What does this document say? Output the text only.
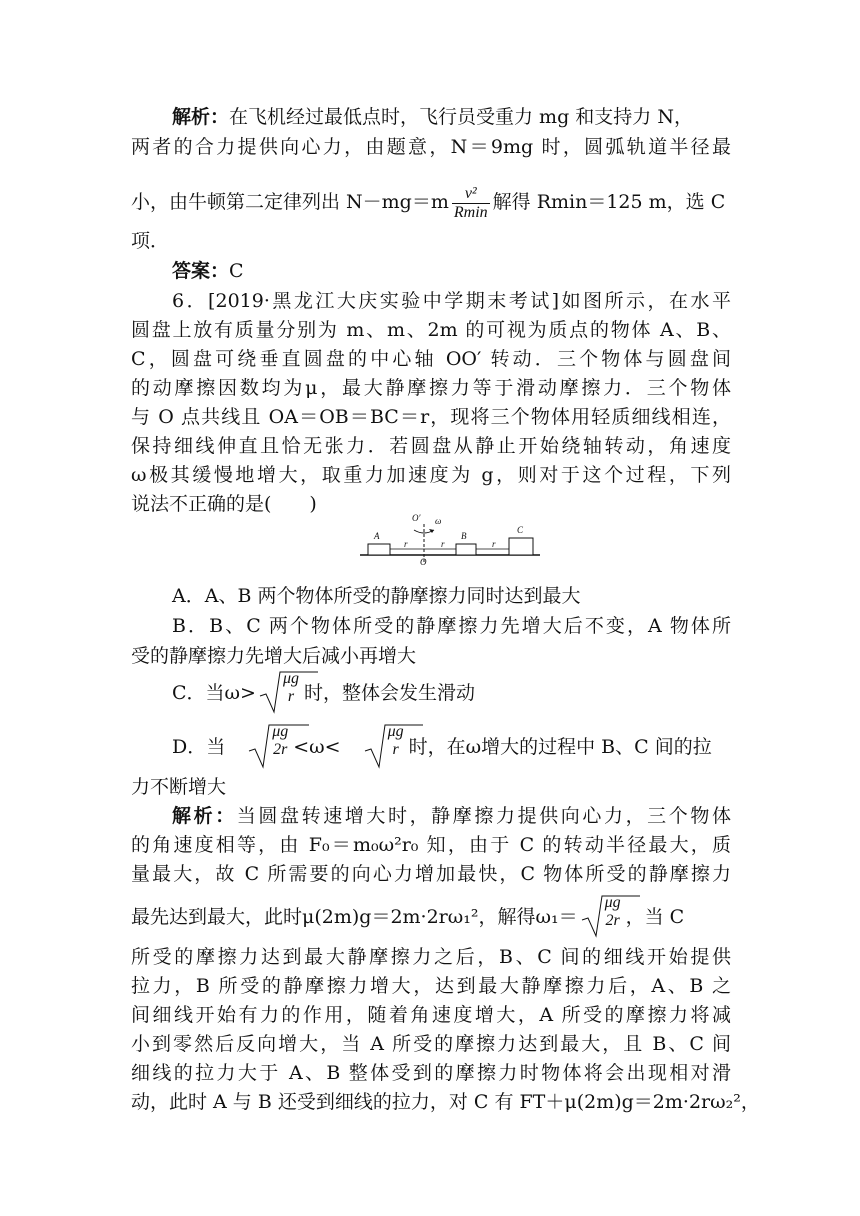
解析：在飞机经过最低点时，飞行员受重力 mg 和支持力 N，
两者的合力提供向心力，由题意，N＝9mg 时，圆弧轨道半径最
小，由牛顿第二定律列出 $N-mg=m \frac{\text{v²}}{Rmin}$ 解得 Rmin＝125 m，选 C
项．
答案：C
6．[2019·黑龙江大庆实验中学期末考试]如图所示，在水平
圆盘上放有质量分别为 m、m、2m 的可视为质点的物体 A、B、
C，圆盘可绕垂直圆盘的中心轴 OO′ 转动．三个物体与圆盘间
的动摩擦因数均为μ，最大静摩擦力等于滑动摩擦力．三个物体
与 O 点共线且 OA＝OB＝BC＝r，现将三个物体用轻质细线相连，
保持细线伸直且恰无张力．若圆盘从静止开始绕轴转动，角速度
ω极其缓慢地增大，取重力加速度为 g，则对于这个过程，下列
说法不正确的是(　　)
A	B
C
r	r	r
O′ ω
O
A．A、B 两个物体所受的静摩擦力同时达到最大
B．B、C 两个物体所受的静摩擦力先增大后不变，A 物体所
受的静摩擦力先增大后减小再增大
C．当ω>
μg
r 时，整体会发生滑动
D．当
μg
2r <ω<
μg
r 时，在ω增大的过程中 B、C 间的拉
力不断增大
解析：当圆盘转速增大时，静摩擦力提供向心力，三个物体
的角速度相等，由 F₀＝m₀ω²r₀ 知，由于 C 的转动半径最大，质
量最大，故 C 所需要的向心力增加最快，C 物体所受的静摩擦力
最先达到最大，此时μ(2m)g＝2m·2rω₁²，解得ω₁＝
μg
2r ，当 C
所受的摩擦力达到最大静摩擦力之后，B、C 间的细线开始提供
拉力，B 所受的静摩擦力增大，达到最大静摩擦力后，A、B 之
间细线开始有力的作用，随着角速度增大，A 所受的摩擦力将减
小到零然后反向增大，当 A 所受的摩擦力达到最大，且 B、C 间
细线的拉力大于 A、B 整体受到的摩擦力时物体将会出现相对滑
动，此时 A 与 B 还受到细线的拉力，对 C 有 FT＋μ(2m)g＝2m·2rω₂²，
